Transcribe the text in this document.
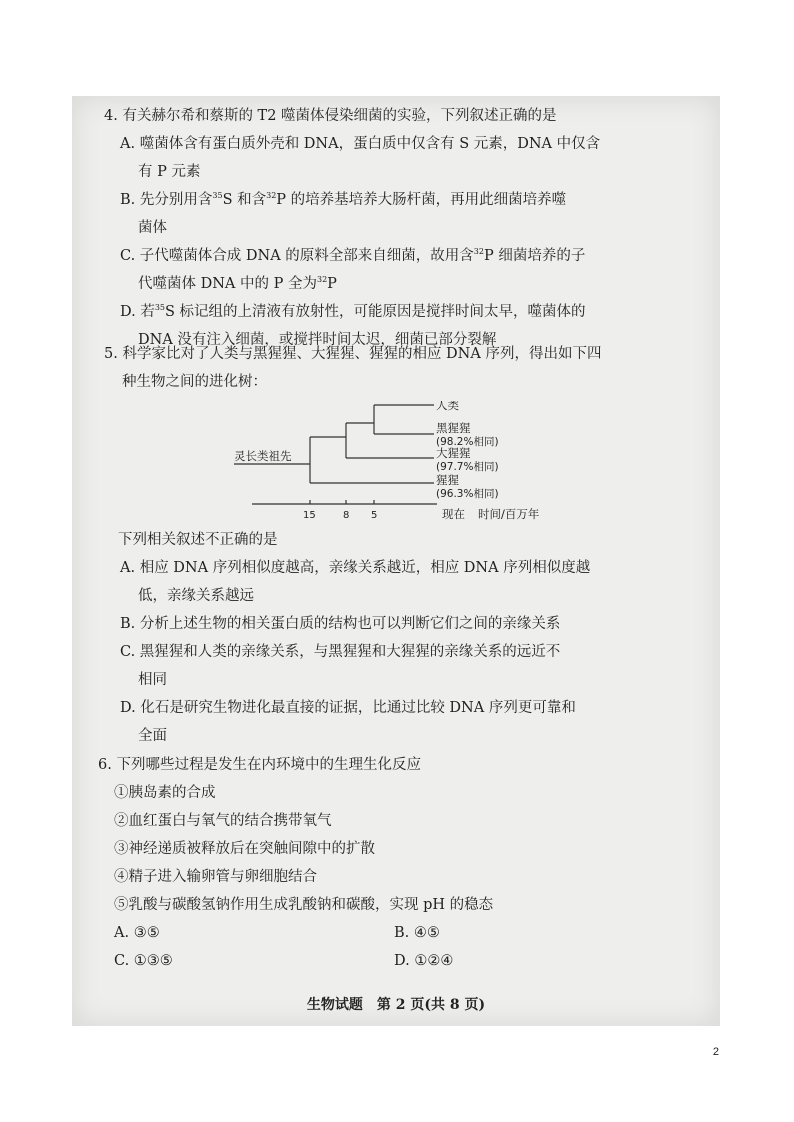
4. 有关赫尔希和蔡斯的 T2 噬菌体侵染细菌的实验，下列叙述正确的是
A. 噬菌体含有蛋白质外壳和 DNA，蛋白质中仅含有 S 元素，DNA 中仅含
有 P 元素
B. 先分别用含$^{35}$S 和含$^{32}$P 的培养基培养大肠杆菌，再用此细菌培养噬
菌体
C. 子代噬菌体合成 DNA 的原料全部来自细菌，故用含$^{32}$P 细菌培养的子
代噬菌体 DNA 中的 P 全为$^{32}$P
D. 若$^{35}$S 标记组的上清液有放射性，可能原因是搅拌时间太早，噬菌体的
DNA 没有注入细菌，或搅拌时间太迟，细菌已部分裂解
5. 科学家比对了人类与黑猩猩、大猩猩、猩猩的相应 DNA 序列，得出如下四
种生物之间的进化树：
灵长类祖先
人类
黑猩猩
(98.2%相同)
大猩猩
(97.7%相同)
猩猩
(96.3%相同)
15	8 5	现在 时间/百万年
下列相关叙述不正确的是
A. 相应 DNA 序列相似度越高，亲缘关系越近，相应 DNA 序列相似度越
低，亲缘关系越远
B. 分析上述生物的相关蛋白质的结构也可以判断它们之间的亲缘关系
C. 黑猩猩和人类的亲缘关系，与黑猩猩和大猩猩的亲缘关系的远近不
相同
D. 化石是研究生物进化最直接的证据，比通过比较 DNA 序列更可靠和
全面
6. 下列哪些过程是发生在内环境中的生理生化反应
①胰岛素的合成
②血红蛋白与氧气的结合携带氧气
③神经递质被释放后在突触间隙中的扩散
④精子进入输卵管与卵细胞结合
⑤乳酸与碳酸氢钠作用生成乳酸钠和碳酸，实现 pH 的稳态
A. ③⑤	B. ④⑤
C. ①③⑤	D. ①②④
生物试题　第 2 页(共 8 页)
2
